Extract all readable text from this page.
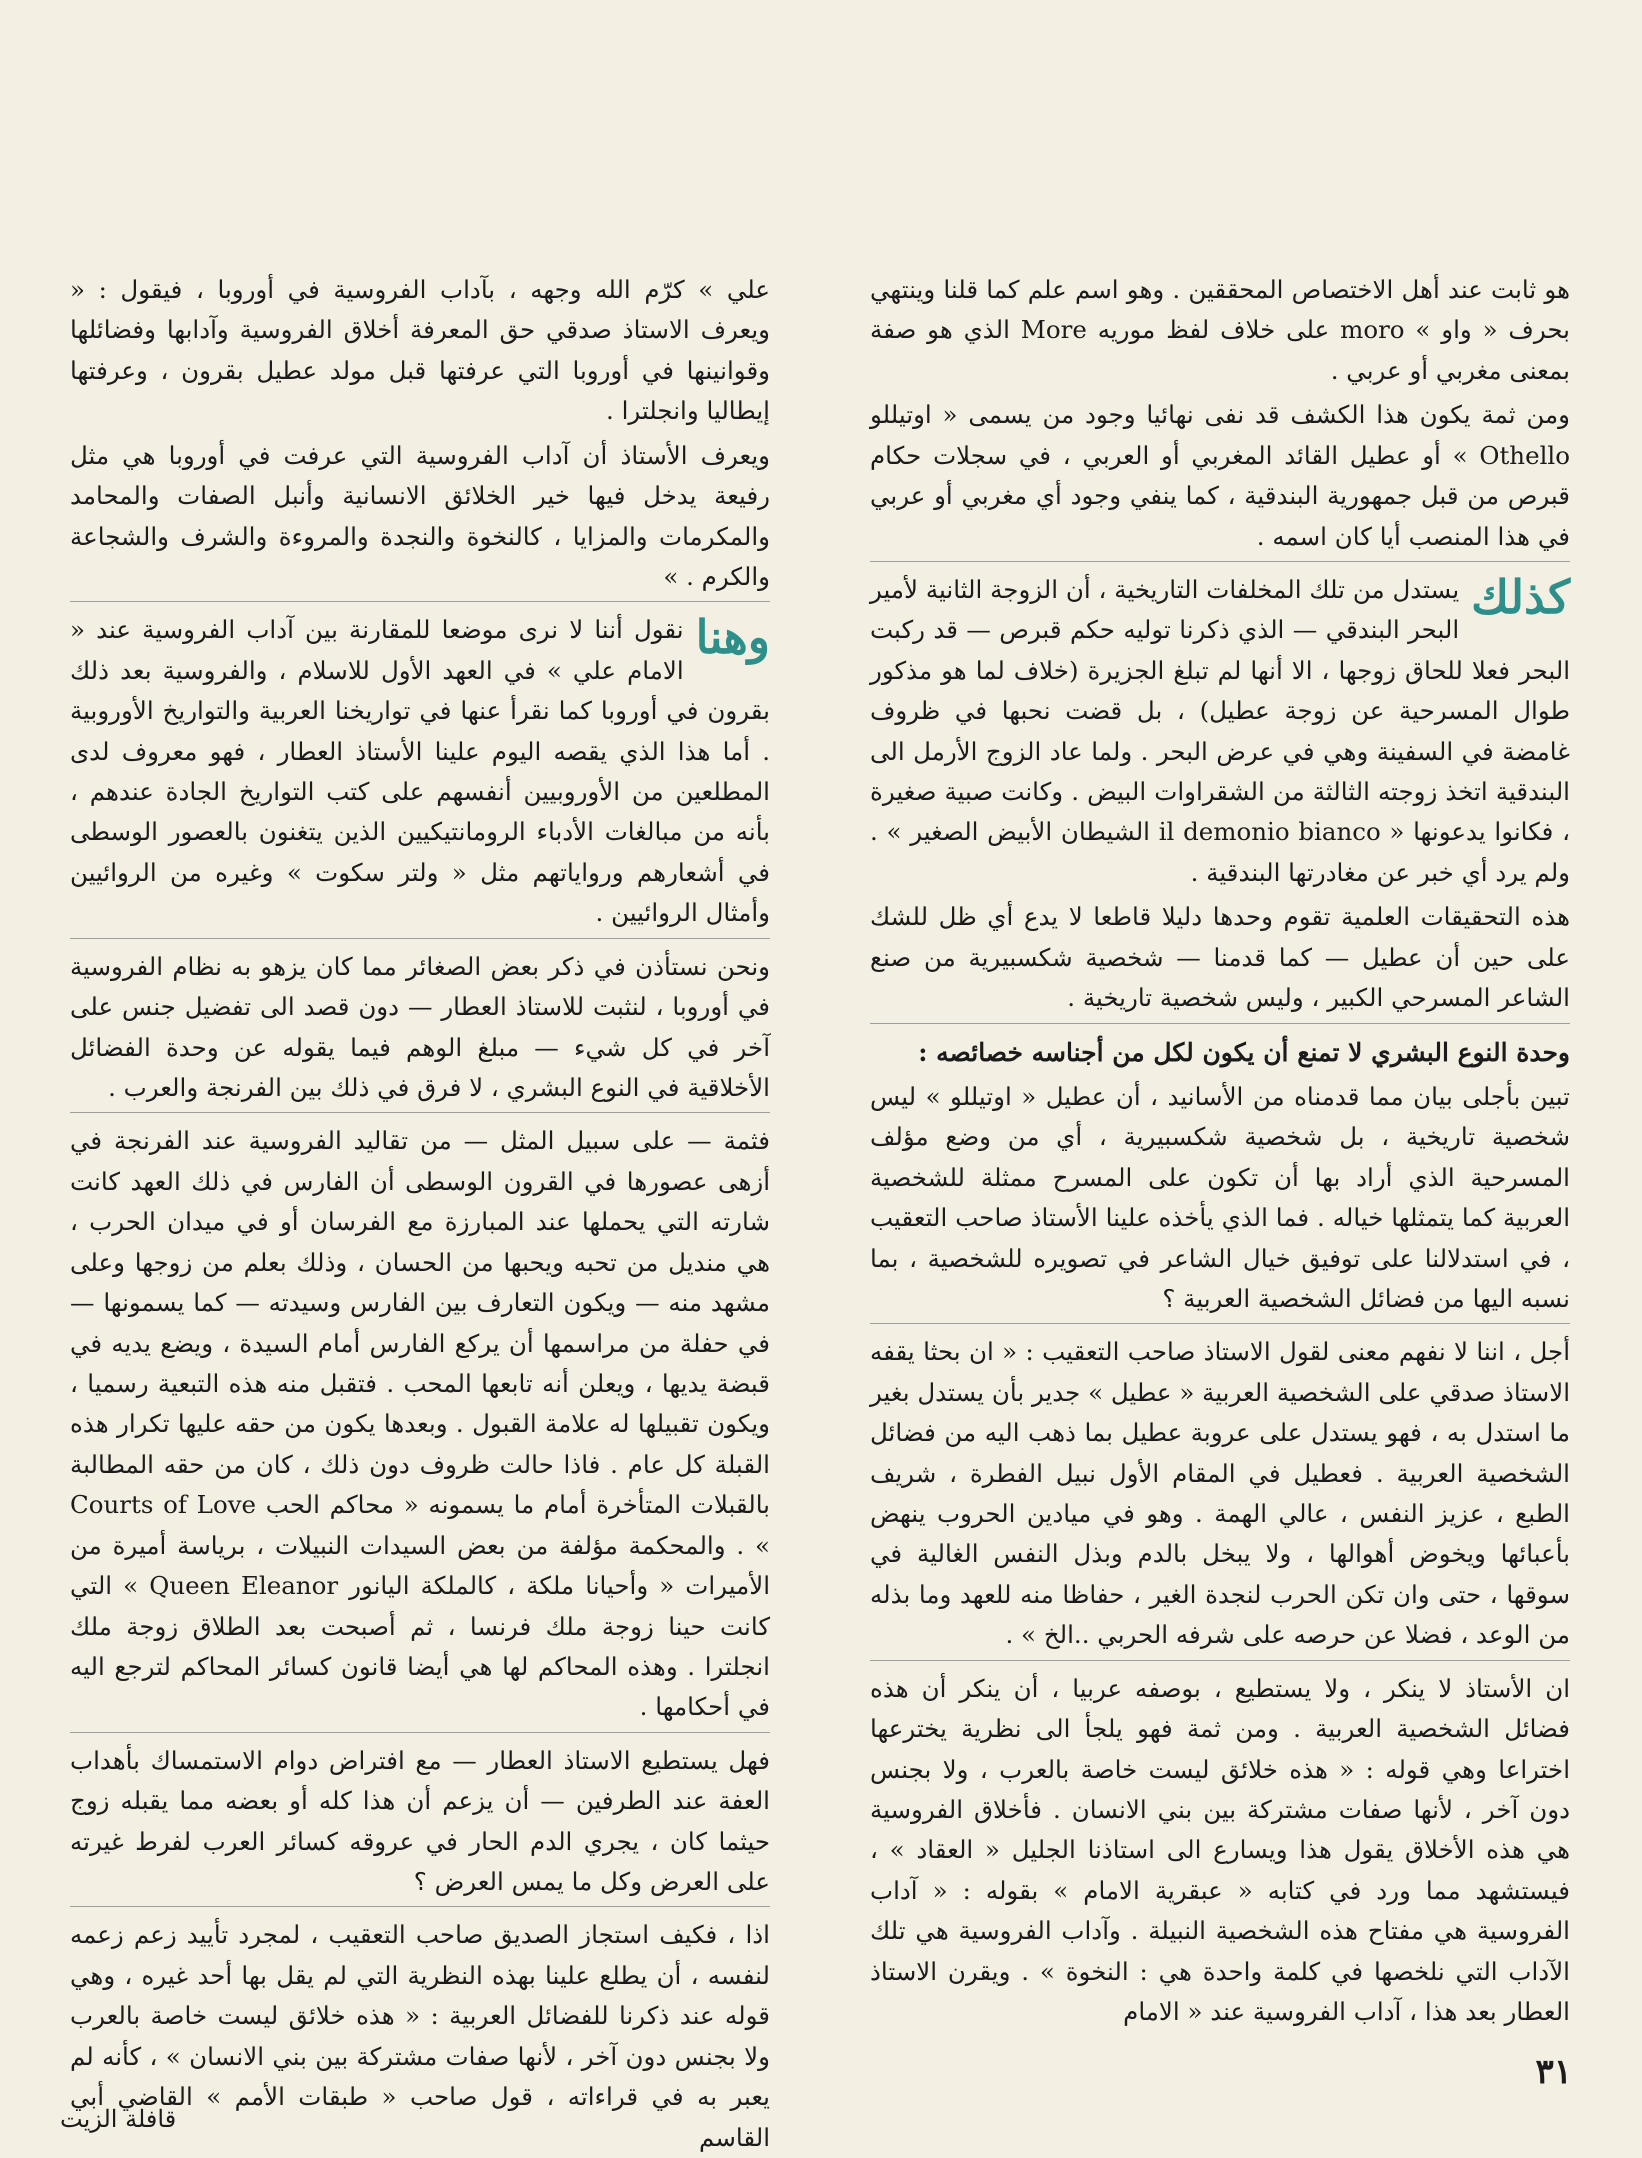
هو ثابت عند أهل الاختصاص المحققين . وهو اسم علم كما قلنا وينتهي بحرف « واو » moro على خلاف لفظ موريه More الذي هو صفة بمعنى مغربي أو عربي .

ومن ثمة يكون هذا الكشف قد نفى نهائيا وجود من يسمى « اوتيللو Othello » أو عطيل القائد المغربي أو العربي ، في سجلات حكام قبرص من قبل جمهورية البندقية ، كما ينفي وجود أي مغربي أو عربي في هذا المنصب أيا كان اسمه .

كذلك
يستدل من تلك المخلفات التاريخية ، أن الزوجة الثانية لأمير البحر البندقي — الذي ذكرنا توليه حكم قبرص — قد ركبت البحر فعلا للحاق زوجها ، الا أنها لم تبلغ الجزيرة (خلاف لما هو مذكور طوال المسرحية عن زوجة عطيل) ، بل قضت نحبها في ظروف غامضة في السفينة وهي في عرض البحر . ولما عاد الزوج الأرمل الى البندقية اتخذ زوجته الثالثة من الشقراوات البيض . وكانت صبية صغيرة ، فكانوا يدعونها « il demonio bianco الشيطان الأبيض الصغير » . ولم يرد أي خبر عن مغادرتها البندقية .

هذه التحقيقات العلمية تقوم وحدها دليلا قاطعا لا يدع أي ظل للشك على حين أن عطيل — كما قدمنا — شخصية شكسبيرية من صنع الشاعر المسرحي الكبير ، وليس شخصية تاريخية .

وحدة النوع البشري لا تمنع أن يكون لكل من أجناسه خصائصه :

تبين بأجلى بيان مما قدمناه من الأسانيد ، أن عطيل « اوتيللو » ليس شخصية تاريخية ، بل شخصية شكسبيرية ، أي من وضع مؤلف المسرحية الذي أراد بها أن تكون على المسرح ممثلة للشخصية العربية كما يتمثلها خياله . فما الذي يأخذه علينا الأستاذ صاحب التعقيب ، في استدلالنا على توفيق خيال الشاعر في تصويره للشخصية ، بما نسبه اليها من فضائل الشخصية العربية ؟

أجل ، اننا لا نفهم معنى لقول الاستاذ صاحب التعقيب : « ان بحثا يقفه الاستاذ صدقي على الشخصية العربية « عطيل » جدير بأن يستدل بغير ما استدل به ، فهو يستدل على عروبة عطيل بما ذهب اليه من فضائل الشخصية العربية . فعطيل في المقام الأول نبيل الفطرة ، شريف الطبع ، عزيز النفس ، عالي الهمة . وهو في ميادين الحروب ينهض بأعبائها ويخوض أهوالها ، ولا يبخل بالدم وبذل النفس الغالية في سوقها ، حتى وان تكن الحرب لنجدة الغير ، حفاظا منه للعهد وما بذله من الوعد ، فضلا عن حرصه على شرفه الحربي ..الخ » .

ان الأستاذ لا ينكر ، ولا يستطيع ، بوصفه عربيا ، أن ينكر أن هذه فضائل الشخصية العربية . ومن ثمة فهو يلجأ الى نظرية يخترعها اختراعا وهي قوله : « هذه خلائق ليست خاصة بالعرب ، ولا بجنس دون آخر ، لأنها صفات مشتركة بين بني الانسان . فأخلاق الفروسية هي هذه الأخلاق يقول هذا ويسارع الى استاذنا الجليل « العقاد » ، فيستشهد مما ورد في كتابه « عبقرية الامام » بقوله : « آداب الفروسية هي مفتاح هذه الشخصية النبيلة . وآداب الفروسية هي تلك الآداب التي نلخصها في كلمة واحدة هي : النخوة » . ويقرن الاستاذ العطار بعد هذا ، آداب الفروسية عند « الامام

علي » كرّم الله وجهه ، بآداب الفروسية في أوروبا ، فيقول : « ويعرف الاستاذ صدقي حق المعرفة أخلاق الفروسية وآدابها وفضائلها وقوانينها في أوروبا التي عرفتها قبل مولد عطيل بقرون ، وعرفتها إيطاليا وانجلترا .

ويعرف الأستاذ أن آداب الفروسية التي عرفت في أوروبا هي مثل رفيعة يدخل فيها خير الخلائق الانسانية وأنبل الصفات والمحامد والمكرمات والمزايا ، كالنخوة والنجدة والمروءة والشرف والشجاعة والكرم . »

وهنا
نقول أننا لا نرى موضعا للمقارنة بين آداب الفروسية عند « الامام علي » في العهد الأول للاسلام ، والفروسية بعد ذلك بقرون في أوروبا كما نقرأ عنها في تواريخنا العربية والتواريخ الأوروبية . أما هذا الذي يقصه اليوم علينا الأستاذ العطار ، فهو معروف لدى المطلعين من الأوروبيين أنفسهم على كتب التواريخ الجادة عندهم ، بأنه من مبالغات الأدباء الرومانتيكيين الذين يتغنون بالعصور الوسطى في أشعارهم ورواياتهم مثل « ولتر سكوت » وغيره من الروائيين وأمثال الروائيين .

ونحن نستأذن في ذكر بعض الصغائر مما كان يزهو به نظام الفروسية في أوروبا ، لنثبت للاستاذ العطار — دون قصد الى تفضيل جنس على آخر في كل شيء — مبلغ الوهم فيما يقوله عن وحدة الفضائل الأخلاقية في النوع البشري ، لا فرق في ذلك بين الفرنجة والعرب .

فثمة — على سبيل المثل — من تقاليد الفروسية عند الفرنجة في أزهى عصورها في القرون الوسطى أن الفارس في ذلك العهد كانت شارته التي يحملها عند المبارزة مع الفرسان أو في ميدان الحرب ، هي منديل من تحبه ويحبها من الحسان ، وذلك بعلم من زوجها وعلى مشهد منه — ويكون التعارف بين الفارس وسيدته — كما يسمونها — في حفلة من مراسمها أن يركع الفارس أمام السيدة ، ويضع يديه في قبضة يديها ، ويعلن أنه تابعها المحب . فتقبل منه هذه التبعية رسميا ، ويكون تقبيلها له علامة القبول . وبعدها يكون من حقه عليها تكرار هذه القبلة كل عام . فاذا حالت ظروف دون ذلك ، كان من حقه المطالبة بالقبلات المتأخرة أمام ما يسمونه « محاكم الحب Courts of Love » . والمحكمة مؤلفة من بعض السيدات النبيلات ، برياسة أميرة من الأميرات « وأحيانا ملكة ، كالملكة اليانور Queen Eleanor » التي كانت حينا زوجة ملك فرنسا ، ثم أصبحت بعد الطلاق زوجة ملك انجلترا . وهذه المحاكم لها هي أيضا قانون كسائر المحاكم لترجع اليه في أحكامها .

فهل يستطيع الاستاذ العطار — مع افتراض دوام الاستمساك بأهداب العفة عند الطرفين — أن يزعم أن هذا كله أو بعضه مما يقبله زوج حيثما كان ، يجري الدم الحار في عروقه كسائر العرب لفرط غيرته على العرض وكل ما يمس العرض ؟

اذا ، فكيف استجاز الصديق صاحب التعقيب ، لمجرد تأييد زعم زعمه لنفسه ، أن يطلع علينا بهذه النظرية التي لم يقل بها أحد غيره ، وهي قوله عند ذكرنا للفضائل العربية : « هذه خلائق ليست خاصة بالعرب ولا بجنس دون آخر ، لأنها صفات مشتركة بين بني الانسان » ، كأنه لم يعبر به في قراءاته ، قول صاحب « طبقات الأمم » القاضي أبي القاسم

٣١
قافلة الزيت
